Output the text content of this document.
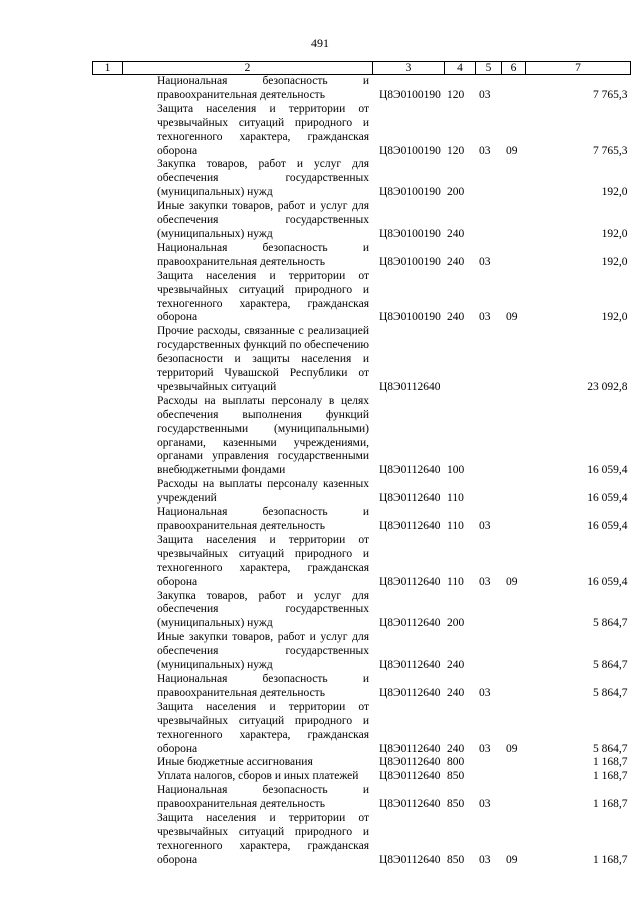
491
1	2	3	4	5	6	7
	Национальная безопасность и правоохранительная деятельность	Ц8Э0100190	120	03		7 765,3
	Защита населения и территории от чрезвычайных ситуаций природного и техногенного характера, гражданская оборона	Ц8Э0100190	120	03	09	7 765,3
	Закупка товаров, работ и услуг для обеспечения государственных (муниципальных) нужд	Ц8Э0100190	200			192,0
	Иные закупки товаров, работ и услуг для обеспечения государственных (муниципальных) нужд	Ц8Э0100190	240			192,0
	Национальная безопасность и правоохранительная деятельность	Ц8Э0100190	240	03		192,0
	Защита населения и территории от чрезвычайных ситуаций природного и техногенного характера, гражданская оборона	Ц8Э0100190	240	03	09	192,0
	Прочие расходы, связанные с реализацией государственных функций по обеспечению безопасности и защиты населения и территорий Чувашской Республики от чрезвычайных ситуаций	Ц8Э0112640				23 092,8
	Расходы на выплаты персоналу в целях обеспечения выполнения функций государственными (муниципальными) органами, казенными учреждениями, органами управления государственными внебюджетными фондами	Ц8Э0112640	100			16 059,4
	Расходы на выплаты персоналу казенных учреждений	Ц8Э0112640	110			16 059,4
	Национальная безопасность и правоохранительная деятельность	Ц8Э0112640	110	03		16 059,4
	Защита населения и территории от чрезвычайных ситуаций природного и техногенного характера, гражданская оборона	Ц8Э0112640	110	03	09	16 059,4
	Закупка товаров, работ и услуг для обеспечения государственных (муниципальных) нужд	Ц8Э0112640	200			5 864,7
	Иные закупки товаров, работ и услуг для обеспечения государственных (муниципальных) нужд	Ц8Э0112640	240			5 864,7
	Национальная безопасность и правоохранительная деятельность	Ц8Э0112640	240	03		5 864,7
	Защита населения и территории от чрезвычайных ситуаций природного и техногенного характера, гражданская оборона	Ц8Э0112640	240	03	09	5 864,7
	Иные бюджетные ассигнования	Ц8Э0112640	800			1 168,7
	Уплата налогов, сборов и иных платежей	Ц8Э0112640	850			1 168,7
	Национальная безопасность и правоохранительная деятельность	Ц8Э0112640	850	03		1 168,7
	Защита населения и территории от чрезвычайных ситуаций природного и техногенного характера, гражданская оборона	Ц8Э0112640	850	03	09	1 168,7
